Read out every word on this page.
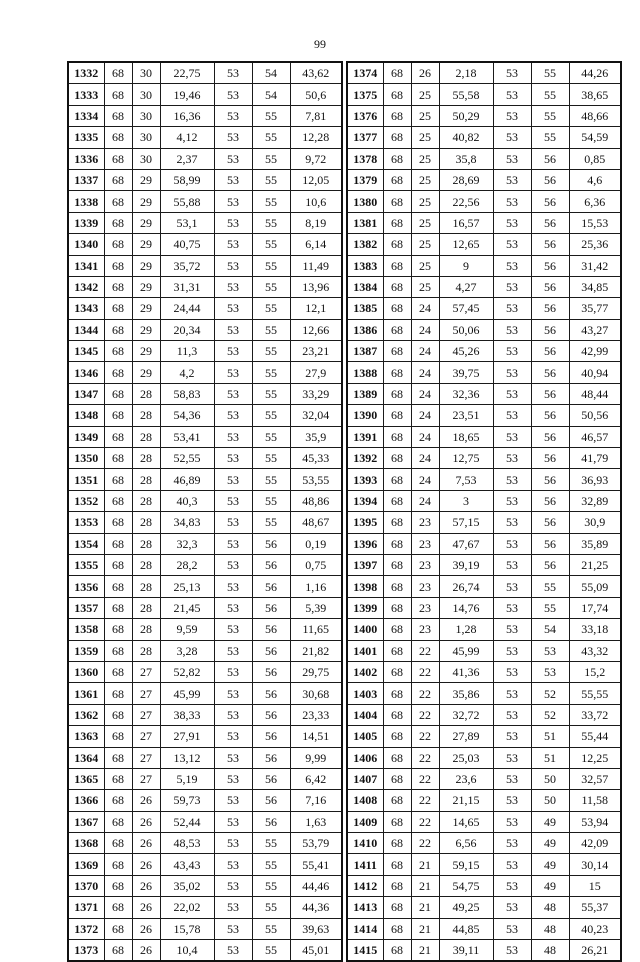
99
1332	68	30	22,75	53	54	43,62
1333	68	30	19,46	53	54	50,6
1334	68	30	16,36	53	55	7,81
1335	68	30	4,12	53	55	12,28
1336	68	30	2,37	53	55	9,72
1337	68	29	58,99	53	55	12,05
1338	68	29	55,88	53	55	10,6
1339	68	29	53,1	53	55	8,19
1340	68	29	40,75	53	55	6,14
1341	68	29	35,72	53	55	11,49
1342	68	29	31,31	53	55	13,96
1343	68	29	24,44	53	55	12,1
1344	68	29	20,34	53	55	12,66
1345	68	29	11,3	53	55	23,21
1346	68	29	4,2	53	55	27,9
1347	68	28	58,83	53	55	33,29
1348	68	28	54,36	53	55	32,04
1349	68	28	53,41	53	55	35,9
1350	68	28	52,55	53	55	45,33
1351	68	28	46,89	53	55	53,55
1352	68	28	40,3	53	55	48,86
1353	68	28	34,83	53	55	48,67
1354	68	28	32,3	53	56	0,19
1355	68	28	28,2	53	56	0,75
1356	68	28	25,13	53	56	1,16
1357	68	28	21,45	53	56	5,39
1358	68	28	9,59	53	56	11,65
1359	68	28	3,28	53	56	21,82
1360	68	27	52,82	53	56	29,75
1361	68	27	45,99	53	56	30,68
1362	68	27	38,33	53	56	23,33
1363	68	27	27,91	53	56	14,51
1364	68	27	13,12	53	56	9,99
1365	68	27	5,19	53	56	6,42
1366	68	26	59,73	53	56	7,16
1367	68	26	52,44	53	56	1,63
1368	68	26	48,53	53	55	53,79
1369	68	26	43,43	53	55	55,41
1370	68	26	35,02	53	55	44,46
1371	68	26	22,02	53	55	44,36
1372	68	26	15,78	53	55	39,63
1373	68	26	10,4	53	55	45,01
1374	68	26	2,18	53	55	44,26
1375	68	25	55,58	53	55	38,65
1376	68	25	50,29	53	55	48,66
1377	68	25	40,82	53	55	54,59
1378	68	25	35,8	53	56	0,85
1379	68	25	28,69	53	56	4,6
1380	68	25	22,56	53	56	6,36
1381	68	25	16,57	53	56	15,53
1382	68	25	12,65	53	56	25,36
1383	68	25	9	53	56	31,42
1384	68	25	4,27	53	56	34,85
1385	68	24	57,45	53	56	35,77
1386	68	24	50,06	53	56	43,27
1387	68	24	45,26	53	56	42,99
1388	68	24	39,75	53	56	40,94
1389	68	24	32,36	53	56	48,44
1390	68	24	23,51	53	56	50,56
1391	68	24	18,65	53	56	46,57
1392	68	24	12,75	53	56	41,79
1393	68	24	7,53	53	56	36,93
1394	68	24	3	53	56	32,89
1395	68	23	57,15	53	56	30,9
1396	68	23	47,67	53	56	35,89
1397	68	23	39,19	53	56	21,25
1398	68	23	26,74	53	55	55,09
1399	68	23	14,76	53	55	17,74
1400	68	23	1,28	53	54	33,18
1401	68	22	45,99	53	53	43,32
1402	68	22	41,36	53	53	15,2
1403	68	22	35,86	53	52	55,55
1404	68	22	32,72	53	52	33,72
1405	68	22	27,89	53	51	55,44
1406	68	22	25,03	53	51	12,25
1407	68	22	23,6	53	50	32,57
1408	68	22	21,15	53	50	11,58
1409	68	22	14,65	53	49	53,94
1410	68	22	6,56	53	49	42,09
1411	68	21	59,15	53	49	30,14
1412	68	21	54,75	53	49	15
1413	68	21	49,25	53	48	55,37
1414	68	21	44,85	53	48	40,23
1415	68	21	39,11	53	48	26,21
